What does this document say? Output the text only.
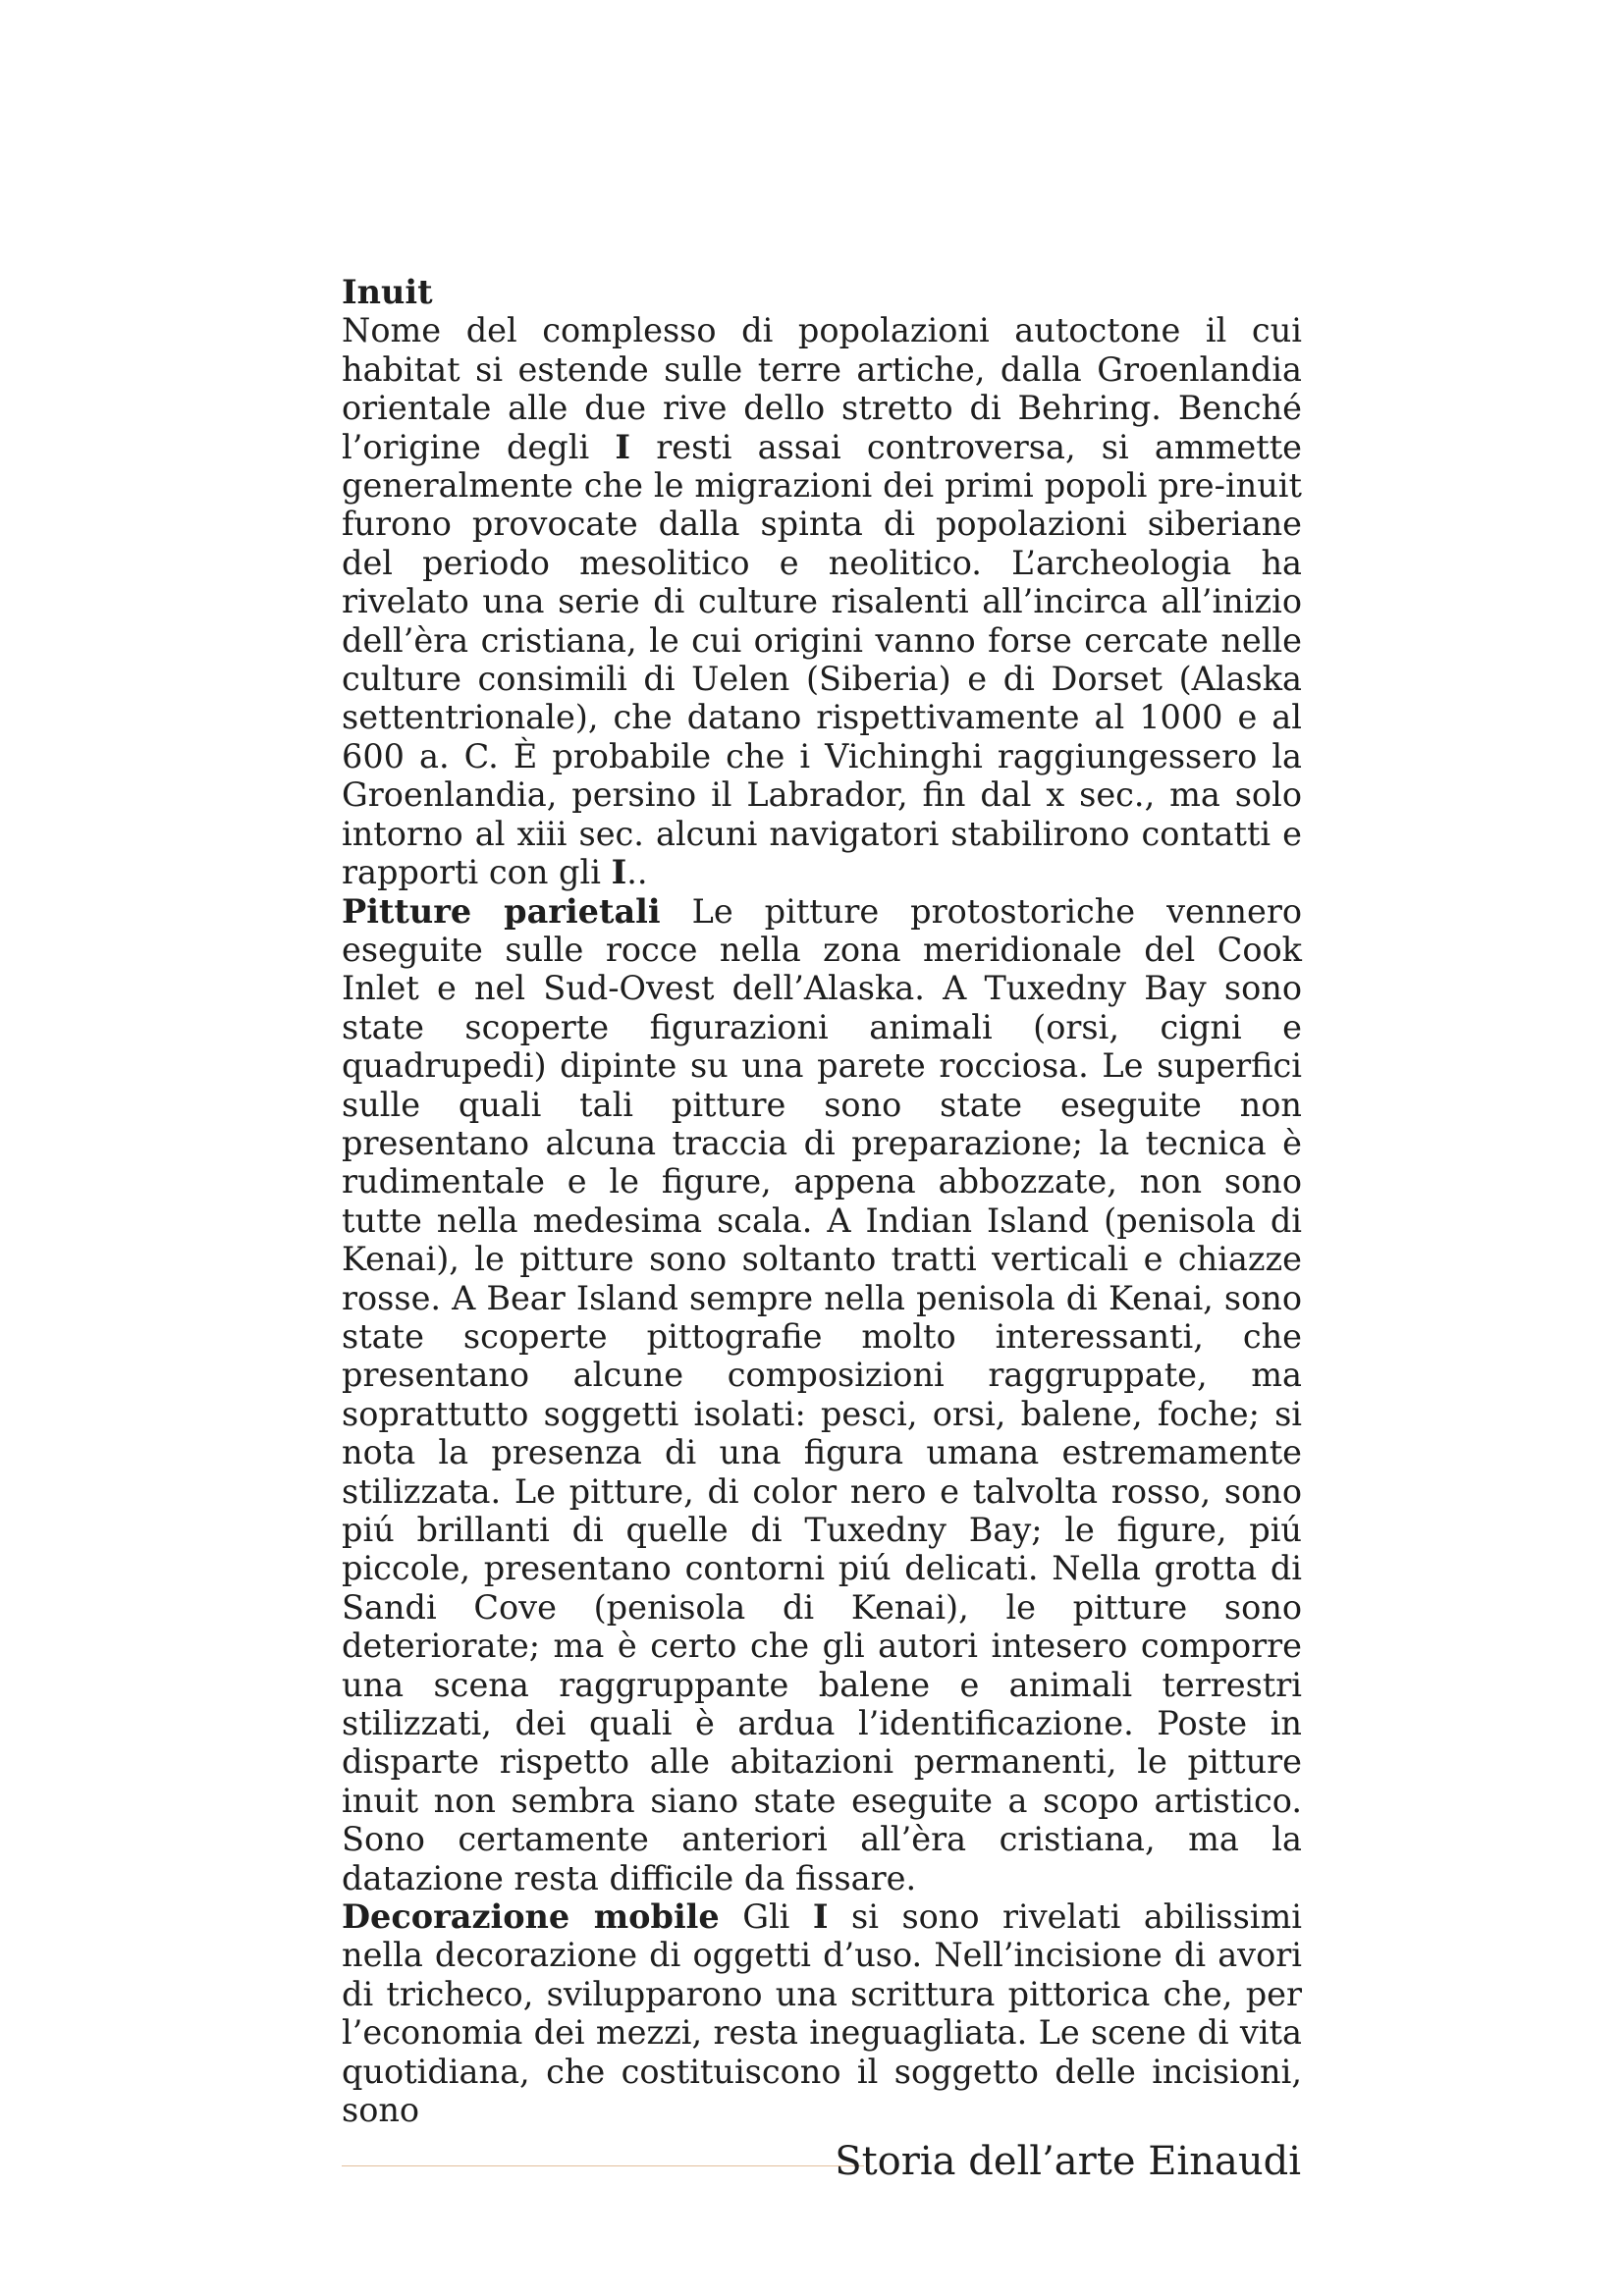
Inuit

Nome del complesso di popolazioni autoctone il cui habitat si estende sulle terre artiche, dalla Groenlandia orientale alle due rive dello stretto di Behring. Benché l’origine degli I resti assai controversa, si ammette generalmente che le migrazioni dei primi popoli pre-inuit furono provocate dalla spinta di popolazioni siberiane del periodo mesolitico e neolitico. L’archeologia ha rivelato una serie di culture risalenti all’incirca all’inizio dell’èra cristiana, le cui origini vanno forse cercate nelle culture consimili di Uelen (Siberia) e di Dorset (Alaska settentrionale), che datano rispettivamente al 1000 e al 600 a. C. È probabile che i Vichinghi raggiungessero la Groenlandia, persino il Labrador, fin dal x sec., ma solo intorno al xiii sec. alcuni navigatori stabilirono contatti e rapporti con gli I..

Pitture parietali Le pitture protostoriche vennero eseguite sulle rocce nella zona meridionale del Cook Inlet e nel Sud-Ovest dell’Alaska. A Tuxedny Bay sono state scoperte figurazioni animali (orsi, cigni e quadrupedi) dipinte su una parete rocciosa. Le superfici sulle quali tali pitture sono state eseguite non presentano alcuna traccia di preparazione; la tecnica è rudimentale e le figure, appena abbozzate, non sono tutte nella medesima scala. A Indian Island (penisola di Kenai), le pitture sono soltanto tratti verticali e chiazze rosse. A Bear Island sempre nella penisola di Kenai, sono state scoperte pittografie molto interessanti, che presentano alcune composizioni raggruppate, ma soprattutto soggetti isolati: pesci, orsi, balene, foche; si nota la presenza di una figura umana estremamente stilizzata. Le pitture, di color nero e talvolta rosso, sono piú brillanti di quelle di Tuxedny Bay; le figure, piú piccole, presentano contorni piú delicati. Nella grotta di Sandi Cove (penisola di Kenai), le pitture sono deteriorate; ma è certo che gli autori intesero comporre una scena raggruppante balene e animali terrestri stilizzati, dei quali è ardua l’identificazione. Poste in disparte rispetto alle abitazioni permanenti, le pitture inuit non sembra siano state eseguite a scopo artistico. Sono certamente anteriori all’èra cristiana, ma la datazione resta difficile da fissare.

Decorazione mobile Gli I si sono rivelati abilissimi nella decorazione di oggetti d’uso. Nell’incisione di avori di tricheco, svilupparono una scrittura pittorica che, per l’economia dei mezzi, resta ineguagliata. Le scene di vita quotidiana, che costituiscono il soggetto delle incisioni, sono

Storia dell’arte Einaudi
